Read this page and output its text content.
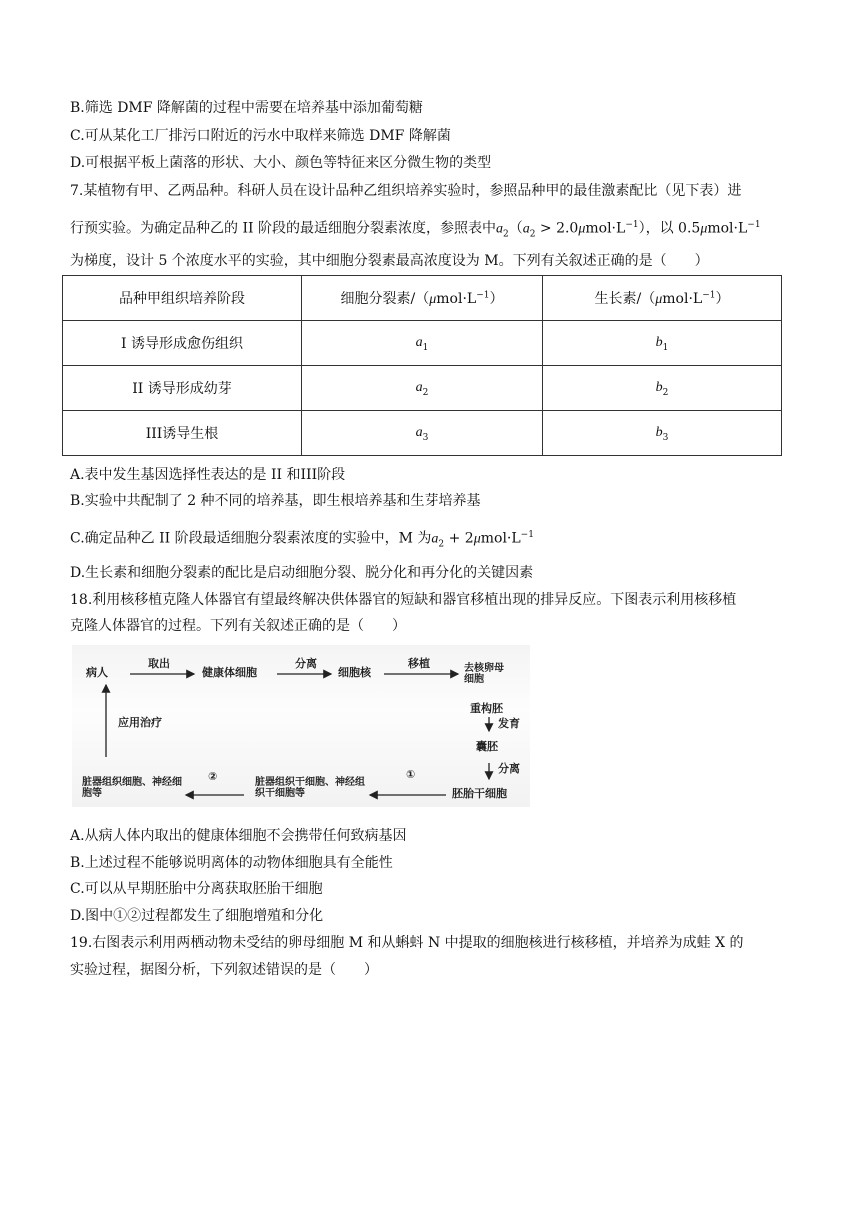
B.筛选 DMF 降解菌的过程中需要在培养基中添加葡萄糖
C.可从某化工厂排污口附近的污水中取样来筛选 DMF 降解菌
D.可根据平板上菌落的形状、大小、颜色等特征来区分微生物的类型
7.某植物有甲、乙两品种。科研人员在设计品种乙组织培养实验时，参照品种甲的最佳激素配比（见下表）进
行预实验。为确定品种乙的 II 阶段的最适细胞分裂素浓度，参照表中$a_2(a_2 > 2.0\mu mol\cdot L^{-1})$，以 $0.5\mu mol\cdot L^{-1}$
为梯度，设计 5 个浓度水平的实验，其中细胞分裂素最高浓度设为 M。下列有关叙述正确的是（　　）
品种甲组织培养阶段	细胞分裂素$/(\mu mol\cdot L^{-1})$	生长素$/(\mu mol\cdot L^{-1})$
I 诱导形成愈伤组织	$a_1$	$b_1$
II 诱导形成幼芽	$a_2$	$b_2$
III诱导生根	$a_3$	$b_3$
A.表中发生基因选择性表达的是 II 和III阶段
B.实验中共配制了 2 种不同的培养基，即生根培养基和生芽培养基
C.确定品种乙 II 阶段最适细胞分裂素浓度的实验中，M 为$a_2 + 2\mu mol\cdot L^{-1}$
D.生长素和细胞分裂素的配比是启动细胞分裂、脱分化和再分化的关键因素
18.利用核移植克隆人体器官有望最终解决供体器官的短缺和器官移植出现的排异反应。下图表示利用核移植
克隆人体器官的过程。下列有关叙述正确的是（　　）
病人
取出
健康体细胞
分离
细胞核
移植	去核卵母细胞
重构胚
发育
囊胚
分离
胚胎干细胞
①
脏器组织干细胞、神经组织干细胞等
②
脏器组织细胞、神经细胞等
应用治疗
A.从病人体内取出的健康体细胞不会携带任何致病基因
B.上述过程不能够说明离体的动物体细胞具有全能性
C.可以从早期胚胎中分离获取胚胎干细胞
D.图中①②过程都发生了细胞增殖和分化
19.右图表示利用两栖动物未受结的卵母细胞 M 和从蝌蚪 N 中提取的细胞核进行核移植，并培养为成蛙 X 的
实验过程，据图分析，下列叙述错误的是（　　）
